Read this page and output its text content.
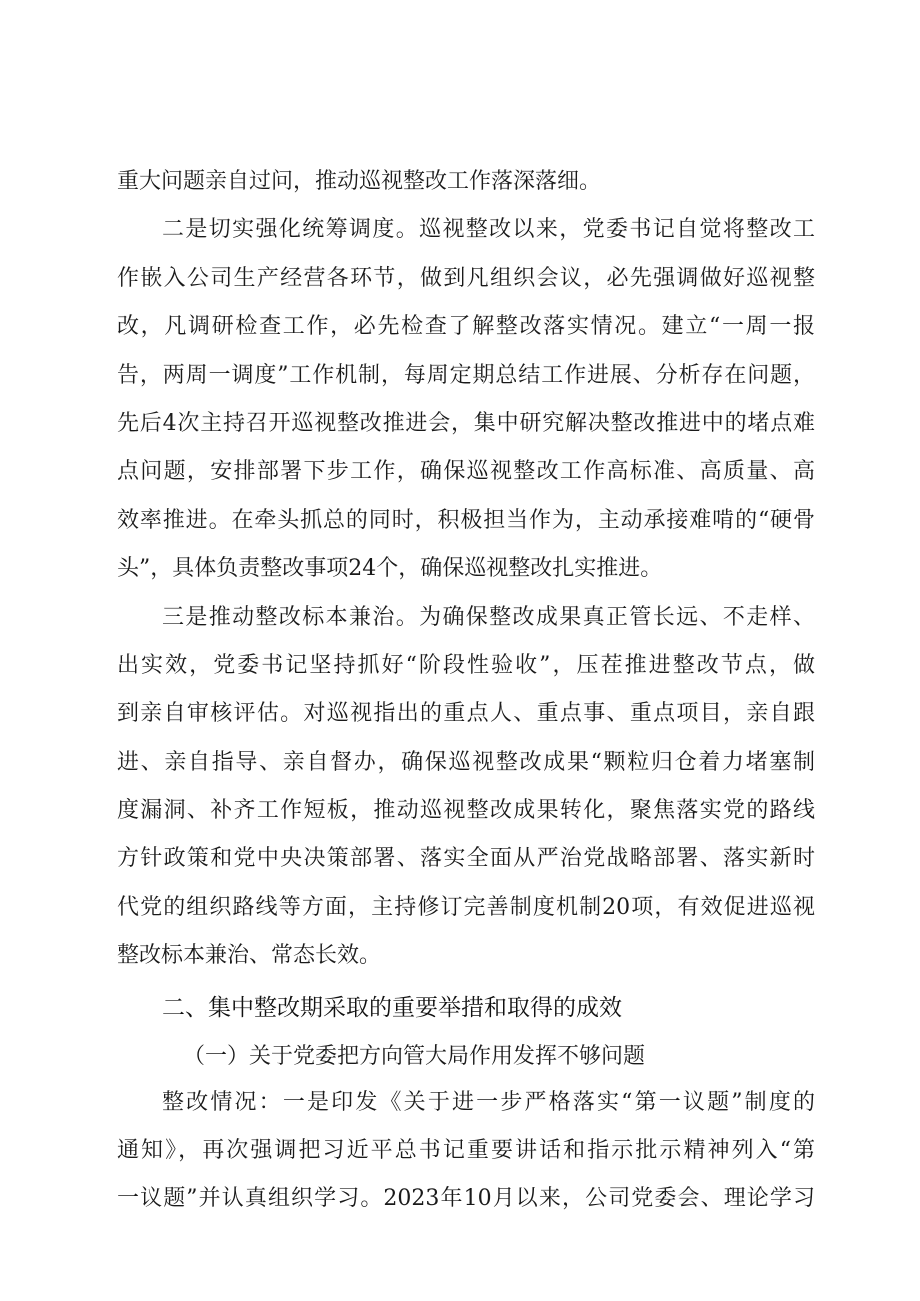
重大问题亲自过问，推动巡视整改工作落深落细。
二是切实强化统筹调度。巡视整改以来，党委书记自觉将整改工
作嵌入公司生产经营各环节，做到凡组织会议，必先强调做好巡视整
改，凡调研检查工作，必先检查了解整改落实情况。建立“一周一报
告，两周一调度”工作机制，每周定期总结工作进展、分析存在问题，
先后4次主持召开巡视整改推进会，集中研究解决整改推进中的堵点难
点问题，安排部署下步工作，确保巡视整改工作高标准、高质量、高
效率推进。在牵头抓总的同时，积极担当作为，主动承接难啃的“硬骨
头”，具体负责整改事项24个，确保巡视整改扎实推进。
三是推动整改标本兼治。为确保整改成果真正管长远、不走样、
出实效，党委书记坚持抓好“阶段性验收”，压茬推进整改节点，做
到亲自审核评估。对巡视指出的重点人、重点事、重点项目，亲自跟
进、亲自指导、亲自督办，确保巡视整改成果“颗粒归仓着力堵塞制
度漏洞、补齐工作短板，推动巡视整改成果转化，聚焦落实党的路线
方针政策和党中央决策部署、落实全面从严治党战略部署、落实新时
代党的组织路线等方面，主持修订完善制度机制20项，有效促进巡视
整改标本兼治、常态长效。
二、集中整改期采取的重要举措和取得的成效
（一）关于党委把方向管大局作用发挥不够问题
整改情况：一是印发《关于进一步严格落实“第一议题”制度的
通知》，再次强调把习近平总书记重要讲话和指示批示精神列入“第
一议题”并认真组织学习。2023年10月以来，公司党委会、理论学习
